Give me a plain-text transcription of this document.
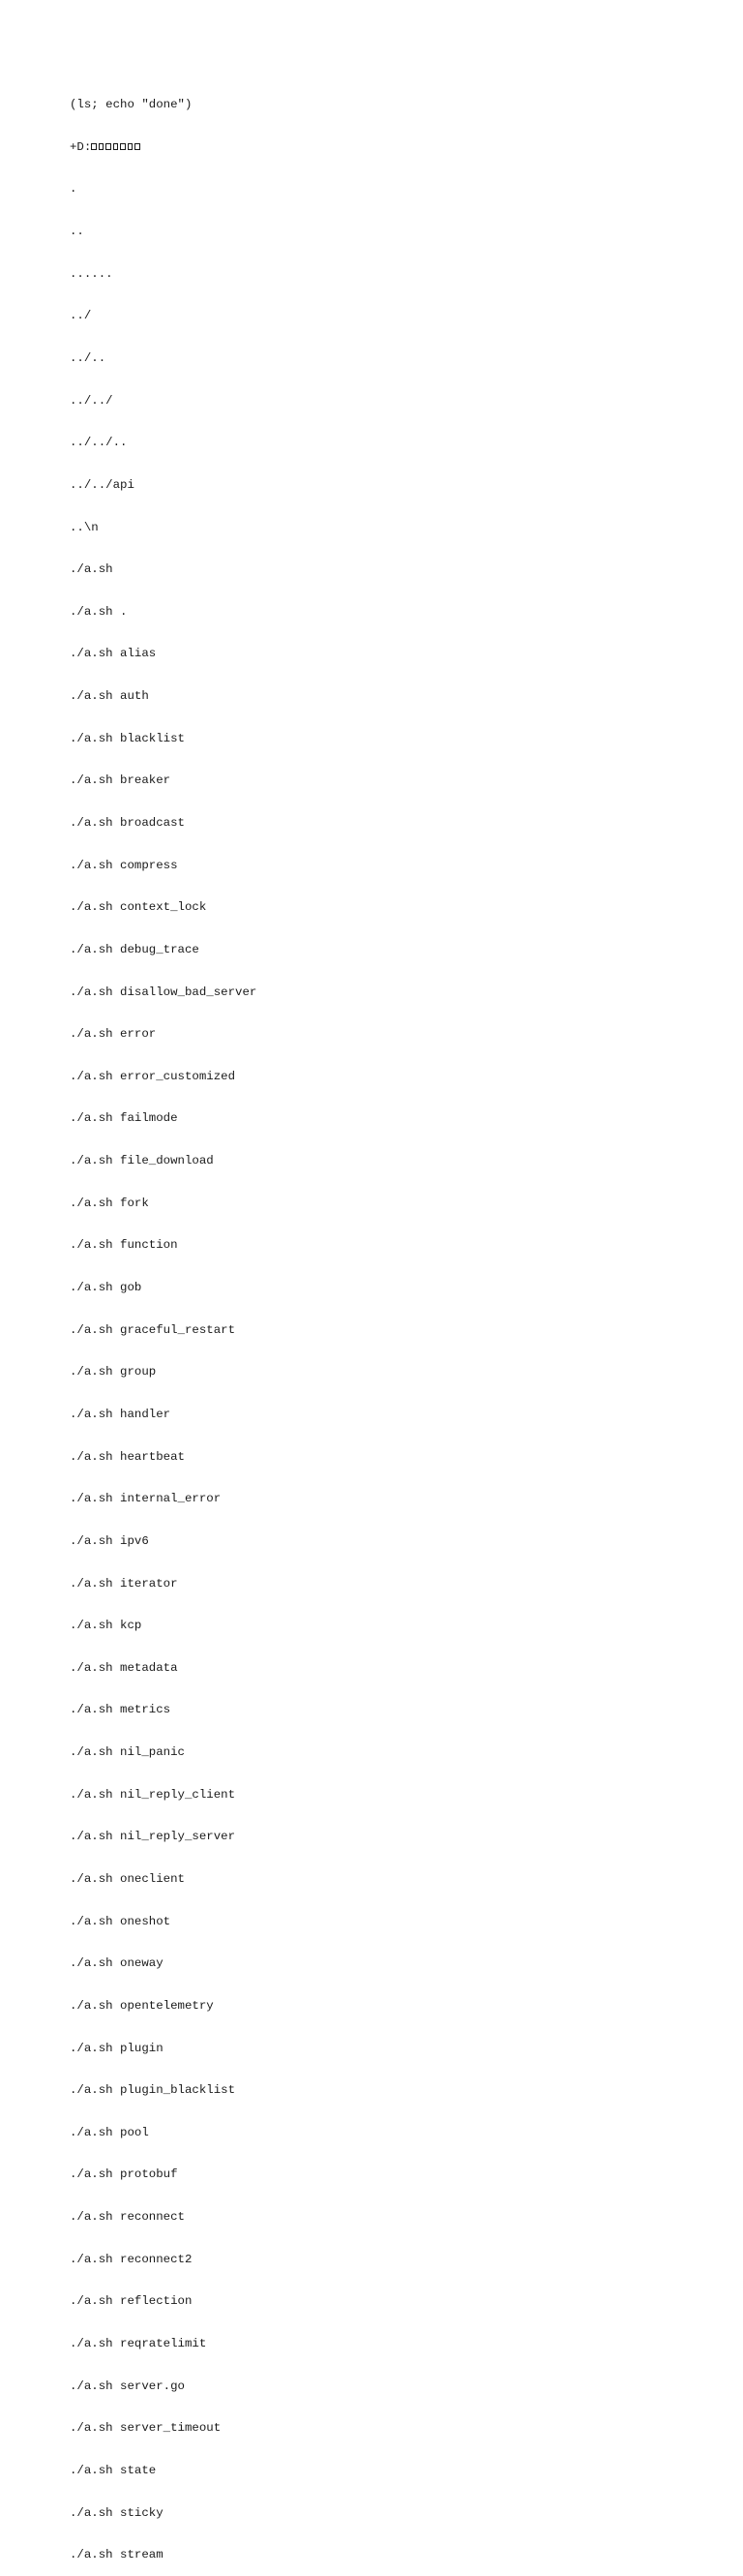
(ls; echo "done")

+D:

.

..

......

../

../..

../../

../../..

../../api

..\n

./a.sh

./a.sh .

./a.sh alias

./a.sh auth

./a.sh blacklist

./a.sh breaker

./a.sh broadcast

./a.sh compress

./a.sh context_lock

./a.sh debug_trace

./a.sh disallow_bad_server

./a.sh error

./a.sh error_customized

./a.sh failmode

./a.sh file_download

./a.sh fork

./a.sh function

./a.sh gob

./a.sh graceful_restart

./a.sh group

./a.sh handler

./a.sh heartbeat

./a.sh internal_error

./a.sh ipv6

./a.sh iterator

./a.sh kcp

./a.sh metadata

./a.sh metrics

./a.sh nil_panic

./a.sh nil_reply_client

./a.sh nil_reply_server

./a.sh oneclient

./a.sh oneshot

./a.sh oneway

./a.sh opentelemetry

./a.sh plugin

./a.sh plugin_blacklist

./a.sh pool

./a.sh protobuf

./a.sh reconnect

./a.sh reconnect2

./a.sh reflection

./a.sh reqratelimit

./a.sh server.go

./a.sh server_timeout

./a.sh state

./a.sh sticky

./a.sh stream
